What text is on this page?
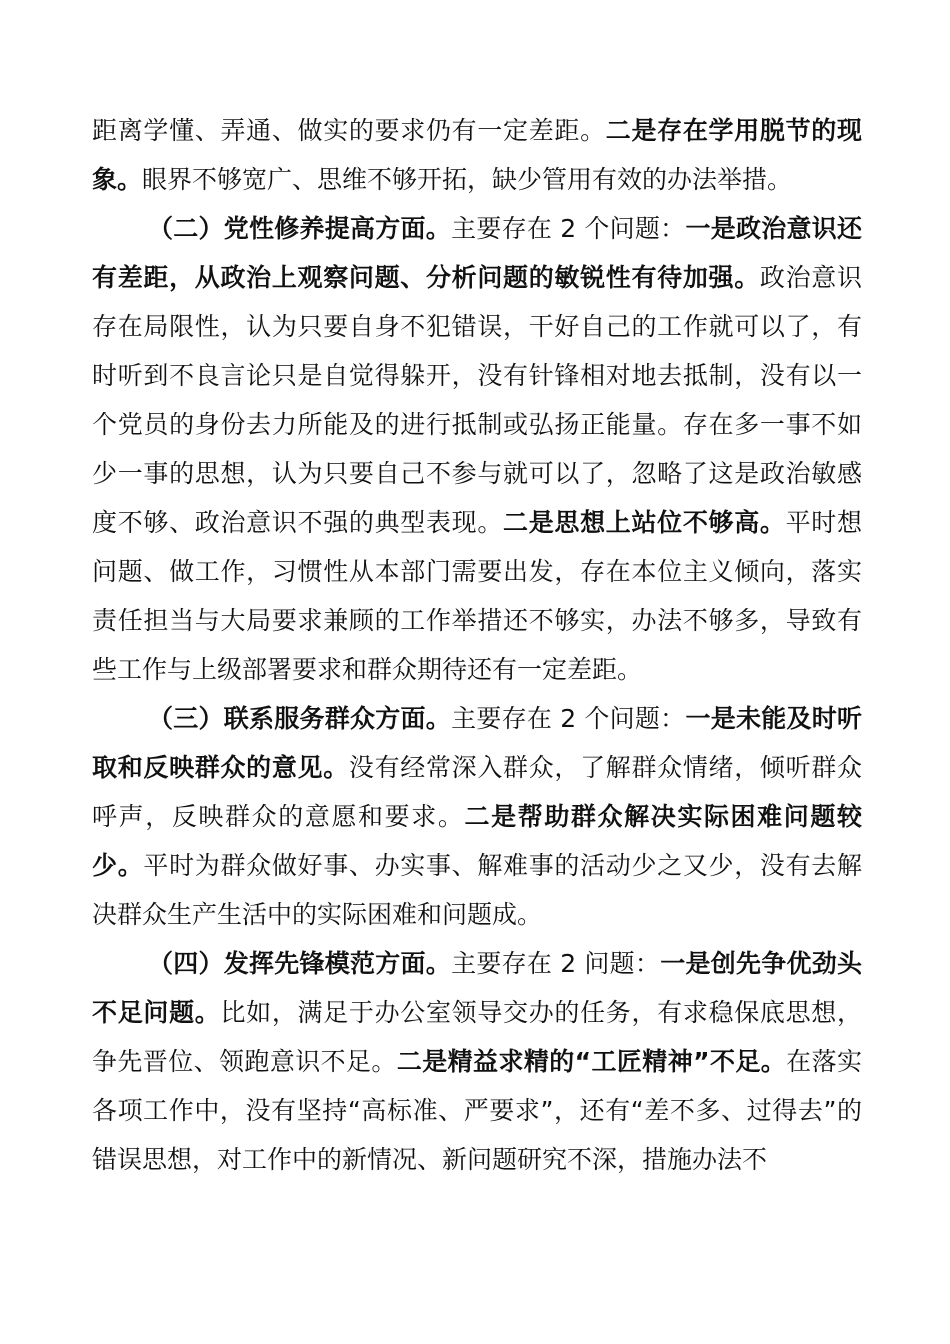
距离学懂、弄通、做实的要求仍有一定差距。二是存在学用脱节的现象。眼界不够宽广、思维不够开拓，缺少管用有效的办法举措。

（二）党性修养提高方面。主要存在 2 个问题：一是政治意识还有差距，从政治上观察问题、分析问题的敏锐性有待加强。政治意识存在局限性，认为只要自身不犯错误，干好自己的工作就可以了，有时听到不良言论只是自觉得躲开，没有针锋相对地去抵制，没有以一个党员的身份去力所能及的进行抵制或弘扬正能量。存在多一事不如少一事的思想，认为只要自己不参与就可以了，忽略了这是政治敏感度不够、政治意识不强的典型表现。二是思想上站位不够高。平时想问题、做工作，习惯性从本部门需要出发，存在本位主义倾向，落实责任担当与大局要求兼顾的工作举措还不够实，办法不够多，导致有些工作与上级部署要求和群众期待还有一定差距。

（三）联系服务群众方面。主要存在 2 个问题：一是未能及时听取和反映群众的意见。没有经常深入群众，了解群众情绪，倾听群众呼声，反映群众的意愿和要求。二是帮助群众解决实际困难问题较少。平时为群众做好事、办实事、解难事的活动少之又少，没有去解决群众生产生活中的实际困难和问题成。

（四）发挥先锋模范方面。主要存在 2 问题：一是创先争优劲头不足问题。比如，满足于办公室领导交办的任务，有求稳保底思想，争先晋位、领跑意识不足。二是精益求精的“工匠精神”不足。在落实各项工作中，没有坚持“高标准、严要求”，还有“差不多、过得去”的错误思想，对工作中的新情况、新问题研究不深，措施办法不
